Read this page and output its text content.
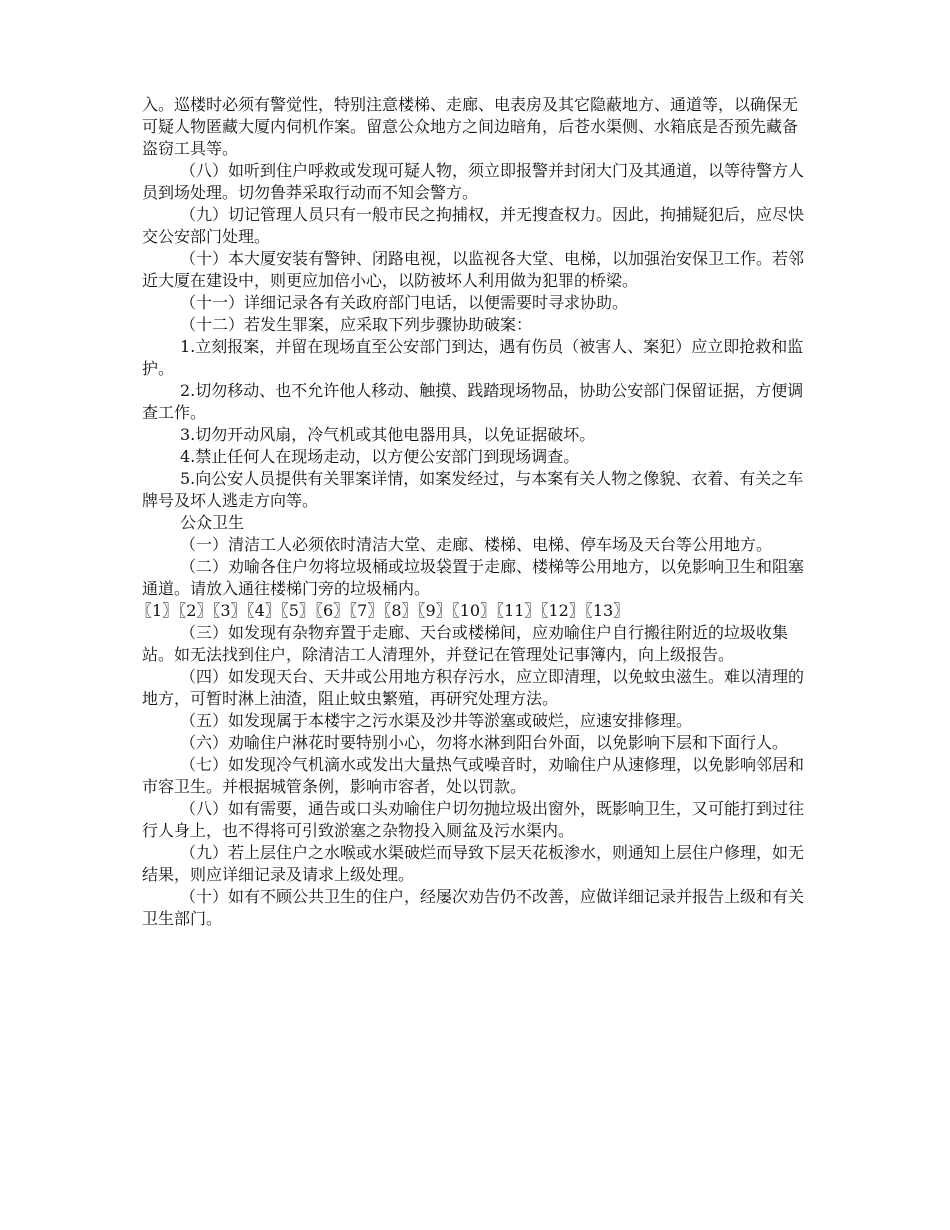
入。巡楼时必须有警觉性，特别注意楼梯、走廊、电表房及其它隐蔽地方、通道等，以确保无可疑人物匿藏大厦内伺机作案。留意公众地方之间边暗角，后苍水渠侧、水箱底是否预先藏备盗窃工具等。

（八）如听到住户呼救或发现可疑人物，须立即报警并封闭大门及其通道，以等待警方人员到场处理。切勿鲁莽采取行动而不知会警方。

（九）切记管理人员只有一般市民之拘捕权，并无搜查权力。因此，拘捕疑犯后，应尽快交公安部门处理。

（十）本大厦安装有警钟、闭路电视，以监视各大堂、电梯，以加强治安保卫工作。若邻近大厦在建设中，则更应加倍小心，以防被坏人利用做为犯罪的桥梁。

（十一）详细记录各有关政府部门电话，以便需要时寻求协助。

（十二）若发生罪案，应采取下列步骤协助破案：

1.立刻报案，并留在现场直至公安部门到达，遇有伤员（被害人、案犯）应立即抢救和监护。

2.切勿移动、也不允许他人移动、触摸、践踏现场物品，协助公安部门保留证据，方便调查工作。

3.切勿开动风扇，冷气机或其他电器用具，以免证据破坏。

4.禁止任何人在现场走动，以方便公安部门到现场调查。

5.向公安人员提供有关罪案详情，如案发经过，与本案有关人物之像貌、衣着、有关之车牌号及坏人逃走方向等。

公众卫生

（一）清洁工人必须依时清洁大堂、走廊、楼梯、电梯、停车场及天台等公用地方。

（二）劝喻各住户勿将垃圾桶或垃圾袋置于走廊、楼梯等公用地方，以免影响卫生和阻塞通道。请放入通往楼梯门旁的垃圾桶内。

〖1〗〖2〗〖3〗〖4〗〖5〗〖6〗〖7〗〖8〗〖9〗〖10〗〖11〗〖12〗〖13〗

（三）如发现有杂物弃置于走廊、天台或楼梯间，应劝喻住户自行搬往附近的垃圾收集站。如无法找到住户，除清洁工人清理外，并登记在管理处记事簿内，向上级报告。

（四）如发现天台、天井或公用地方积存污水，应立即清理，以免蚊虫滋生。难以清理的地方，可暂时淋上油渣，阻止蚊虫繁殖，再研究处理方法。

（五）如发现属于本楼宇之污水渠及沙井等淤塞或破烂，应速安排修理。

（六）劝喻住户淋花时要特别小心，勿将水淋到阳台外面，以免影响下层和下面行人。

（七）如发现冷气机滴水或发出大量热气或噪音时，劝喻住户从速修理，以免影响邻居和市容卫生。并根据城管条例，影响市容者，处以罚款。

（八）如有需要，通告或口头劝喻住户切勿抛垃圾出窗外，既影响卫生，又可能打到过往行人身上，也不得将可引致淤塞之杂物投入厕盆及污水渠内。

（九）若上层住户之水喉或水渠破烂而导致下层天花板渗水，则通知上层住户修理，如无结果，则应详细记录及请求上级处理。

（十）如有不顾公共卫生的住户，经屡次劝告仍不改善，应做详细记录并报告上级和有关卫生部门。
